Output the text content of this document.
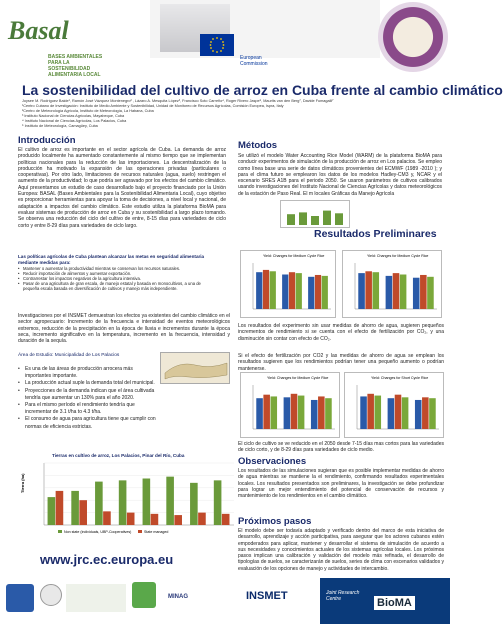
Basal
BASES AMBIENTALES PARA LA SOSTENIBILIDAD ALIMENTARIA LOCAL
European
Commission
La sostenibilidad del cultivo de arroz en Cuba frente al cambio climático
Joysee M. Rodríguez Baide¹, Ramón José Vázquez Montenegro² , Lázaro A. Mesquita López³, Francisco Soto Carreño⁴, Roger Rivero Jaspe⁵, Maurits van den Berg⁷, Davide Fumagalli⁷
¹Centro Cubano de Investigación: Instituto de Medio Ambiente y Sostenibilidad, Unidad de Monitoreo de Recursos Agrícolas, Comisión Europea, Ispra, Italy
²Centro de Meteorología Agrícola, Instituto de Meteorología, La Habana, Cuba
³ Instituto Nacional de Ciencias Agrícolas, Mayabeque, Cuba
⁴ Instituto Nacional de Ciencias Agrícolas, Los Palacios, Cuba
⁵ Instituto de Meteorología, Camagüey, Cuba
Introducción
El cultivo de arroz es importante en el sector agrícola de Cuba. La demanda de arroz producido localmente ha aumentado constantemente al mismo tiempo que se implementan políticas nacionales para la reducción de las importaciones. La descentralización de la producción ha motivado la expansión de las operaciones privadas (particulares o cooperativas). Por otro lado, limitaciones de recursos naturales (agua, suelo) restringen el aumento de la productividad; lo que podría ser agravado por los efectos del cambio climático. Aquí presentamos un estudio de caso desarrollado bajo el proyecto financiado por la Unión Europea: BASAL (Bases Ambientales para la Sostenibilidad Alimentaria Local), cuyo objetivo es proporcionar herramientas para apoyar la toma de decisiones, a nivel local y nacional, de adaptación a impactos del cambio climático. Este estudio utiliza la plataforma BioMA para evaluar sistemas de producción de arroz en Cuba y su sostenibilidad a largo plazo tomando. Se observa una reducción del ciclo del cultivo de entre, 8-15 días para variedades de ciclo corto y entre 8-29 días para variedades de ciclo largo.
Las políticas agrícolas de Cuba plantean alcanzar las metas en seguridad alimentaria mediante medidas para:
• Mantener o aumentar la productividad mientras se conservan los recursos naturales.
• Reducir importación de alimentos y aumentar exportación.
• Contrarrestar los impactos negativos de la agricultura intensiva.
• Pasar de una agricultura de gran escala, de manejo estatal y basada en monocultivos, a una de pequeña escala basada en diversificación de cultivos y manejo más independiente.
Investigaciones por el INSMET demuestran los efectos ya existentes del cambio climático en el sector agropecuario: Incremento de la frecuencia e intensidad de eventos meteorológicos extremos, reducción de la precipitación en la época de lluvia e incrementos durante la época seca, incremento significativo en la temperatura, incremento en la frecuencia, intensidad y duración de la sequía.
Área de Estudio: Municipalidad de Los Palacios
• Es una de las áreas de producción arrocera más importantes importante.
• La producción actual suple la demanda total del municipal.
• Proyecciones de la demanda indican que el área cultivada tendría que aumentar un 130% para el año 2020.
• Para el mismo período el rendimiento tendría que incrementar de 3.1 t/ha to 4.3 t/ha.
• El consumo de agua para agricultura tiene que cumplir con normas de eficiencia estrictas.
Tierras en cultivo de arroz, Los Palacios, Pinar del Río, Cuba
Tierra (ha)
Non state (individuals, UBP-Cooperatives)	State managed
www.jrc.ec.europa.eu
Métodos
Se utilizó el modelo Water Accounting Rice Model (WARM) de la plataforma BioMA para conducir experimentos de simulación de la producción de arroz en Los palacios. Se empleo como línea base una serie de datos climáticos provenientes del ECMWF (1989 -2010 ); y para el clima futuro se emplearon los datos de los modelos Hadley-CM3 y, NCAR y el escenario SRES A1B para el periodo 2050. Se usaron parámetros de cultivos calibrados usando investigaciones del Instituto Nacional de Ciencias Agrícolas y datos meteorológicos de la estación de Paso Real. El m locales Gráficas da Manejo Agrícola
Resultados Preliminares
Yield: Changes for Medium Cycle Rice	Yield: Changes for Medium Cycle Rice
Los resultados del experimento sin usar medidas de ahorro de agua, sugieren pequeños incrementos de rendimiento si se cuenta con el efecto de fertilización por CO₂, y una disminución sin contar con efecto de CO₂.
Si el efecto de fertilización por CO2 y las medidas de ahorro de agua se emplean los resultados sugieren que los rendimientos podrían tener una pequeño aumento o podrían mantenerse.
Yield: Changes for Medium Cycle Rice	Yield: Changes for Short Cycle Rice
El ciclo de cultivo se ve reducido en el 2050 desde 7-15 días mas cortos para las variedades de ciclo corto, y de 8-29 días para variedades de ciclo medio.
Observaciones
Los resultados de las simulaciones sugieran que es posible implementar medidas de ahorro de agua mientras se mantiene la el rendimiento, confirmando resultados experimentales locales. Los resultados presentados son preliminares, la investigación se debe profundizar para lograr un mejor entendimiento del potencial de conservación de recursos y mantenimiento de los rendimientos en el cambio climático.
Próximos pasos
El modelo debe ser todavía adaptado y verificado dentro del marco de esta iniciativa de desarrollo, aprendizaje y acción participativa, para asegurar que los actores cubanos estén empoderados para aplicar, mantener y desarrollar el sistema de simulación de acuerdo a sus necesidades y conocimientos actuales de los sistemas agrícolas locales. Los próximos pasos implican una calibración y validación del modelo más refinada, el desarrollo de tipologías de suelos, se caracterizarán de suelos, series de clima con escenarios validados y evaluación de los opciones de manejo y actividades de intercambio.
MINAG	INSMET	Joint Research Centre	BioMA
